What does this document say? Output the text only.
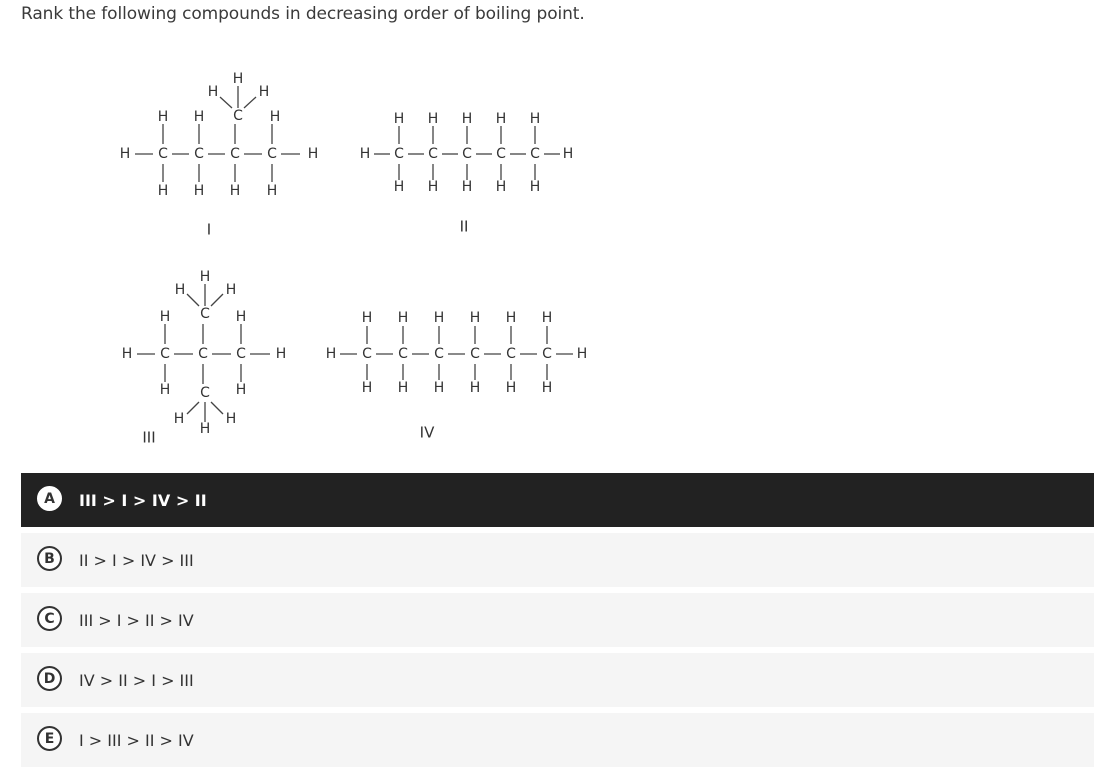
Rank the following compounds in decreasing order of boiling point.
H C C C C H
H H C H
H
H	H
H H H H
I
H C C C C C H
H H H H H
H H H H H
II
H C C C H
H C H
H
H	H
H C H
H	H
H
III
H C C C C C C H
H H H H H H
H H H H H H
IV
A	III > I > IV > II
B	II > I > IV > III
C	III > I > II > IV
D	IV > II > I > III
E	I > III > II > IV
